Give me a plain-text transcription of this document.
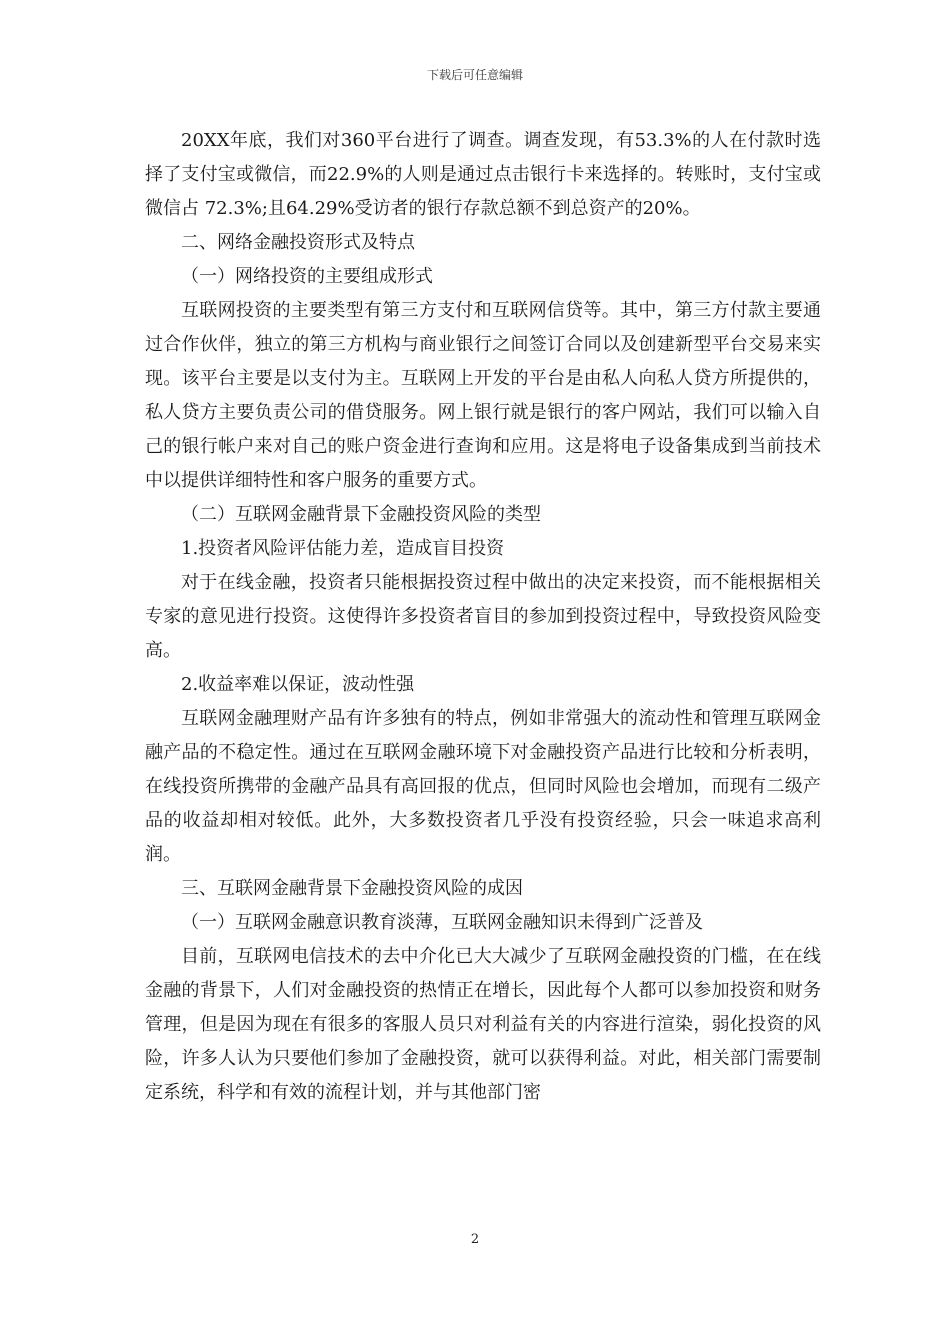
下载后可任意编辑

20XX年底，我们对360平台进行了调查。调查发现，有53.3%的人在付款时选择了支付宝或微信，而22.9%的人则是通过点击银行卡来选择的。转账时，支付宝或微信占 72.3%;且64.29%受访者的银行存款总额不到总资产的20%。

二、网络金融投资形式及特点

（一）网络投资的主要组成形式

互联网投资的主要类型有第三方支付和互联网信贷等。其中，第三方付款主要通过合作伙伴，独立的第三方机构与商业银行之间签订合同以及创建新型平台交易来实现。该平台主要是以支付为主。互联网上开发的平台是由私人向私人贷方所提供的，私人贷方主要负责公司的借贷服务。网上银行就是银行的客户网站，我们可以输入自己的银行帐户来对自己的账户资金进行查询和应用。这是将电子设备集成到当前技术中以提供详细特性和客户服务的重要方式。

（二）互联网金融背景下金融投资风险的类型

1.投资者风险评估能力差，造成盲目投资

对于在线金融，投资者只能根据投资过程中做出的决定来投资，而不能根据相关专家的意见进行投资。这使得许多投资者盲目的参加到投资过程中，导致投资风险变高。

2.收益率难以保证，波动性强

互联网金融理财产品有许多独有的特点，例如非常强大的流动性和管理互联网金融产品的不稳定性。通过在互联网金融环境下对金融投资产品进行比较和分析表明，在线投资所携带的金融产品具有高回报的优点，但同时风险也会增加，而现有二级产品的收益却相对较低。此外，大多数投资者几乎没有投资经验，只会一味追求高利润。

三、互联网金融背景下金融投资风险的成因

（一）互联网金融意识教育淡薄，互联网金融知识未得到广泛普及

目前，互联网电信技术的去中介化已大大减少了互联网金融投资的门槛，在在线金融的背景下，人们对金融投资的热情正在增长，因此每个人都可以参加投资和财务管理，但是因为现在有很多的客服人员只对利益有关的内容进行渲染，弱化投资的风险，许多人认为只要他们参加了金融投资，就可以获得利益。对此，相关部门需要制定系统，科学和有效的流程计划，并与其他部门密

2
